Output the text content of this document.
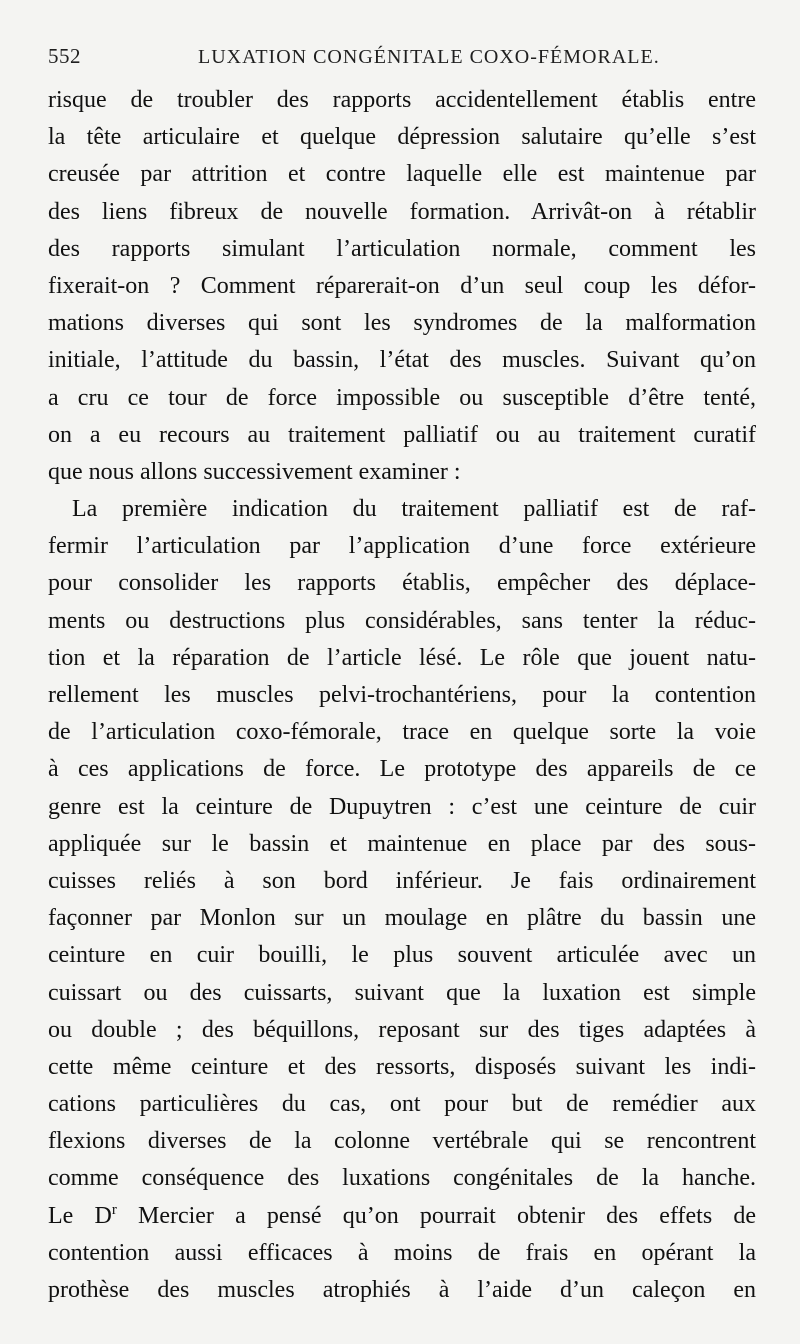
552	LUXATION CONGÉNITALE COXO-FÉMORALE.
risque de troubler des rapports accidentellement établis entre
la tête articulaire et quelque dépression salutaire qu’elle s’est
creusée par attrition et contre laquelle elle est maintenue par
des liens fibreux de nouvelle formation. Arrivât-on à rétablir
des rapports simulant l’articulation normale, comment les
fixerait-on ? Comment réparerait-on d’un seul coup les défor-
mations diverses qui sont les syndromes de la malformation
initiale, l’attitude du bassin, l’état des muscles. Suivant qu’on
a cru ce tour de force impossible ou susceptible d’être tenté,
on a eu recours au traitement palliatif ou au traitement curatif
que nous allons successivement examiner :
La première indication du traitement palliatif est de raf-
fermir l’articulation par l’application d’une force extérieure
pour consolider les rapports établis, empêcher des déplace-
ments ou destructions plus considérables, sans tenter la réduc-
tion et la réparation de l’article lésé. Le rôle que jouent natu-
rellement les muscles pelvi-trochantériens, pour la contention
de l’articulation coxo-fémorale, trace en quelque sorte la voie
à ces applications de force. Le prototype des appareils de ce
genre est la ceinture de Dupuytren : c’est une ceinture de cuir
appliquée sur le bassin et maintenue en place par des sous-
cuisses reliés à son bord inférieur. Je fais ordinairement
façonner par Monlon sur un moulage en plâtre du bassin une
ceinture en cuir bouilli, le plus souvent articulée avec un
cuissart ou des cuissarts, suivant que la luxation est simple
ou double ; des béquillons, reposant sur des tiges adaptées à
cette même ceinture et des ressorts, disposés suivant les indi-
cations particulières du cas, ont pour but de remédier aux
flexions diverses de la colonne vertébrale qui se rencontrent
comme conséquence des luxations congénitales de la hanche.
Le $D^r$ Mercier a pensé qu’on pourrait obtenir des effets de
contention aussi efficaces à moins de frais en opérant la
prothèse des muscles atrophiés à l’aide d’un caleçon en
